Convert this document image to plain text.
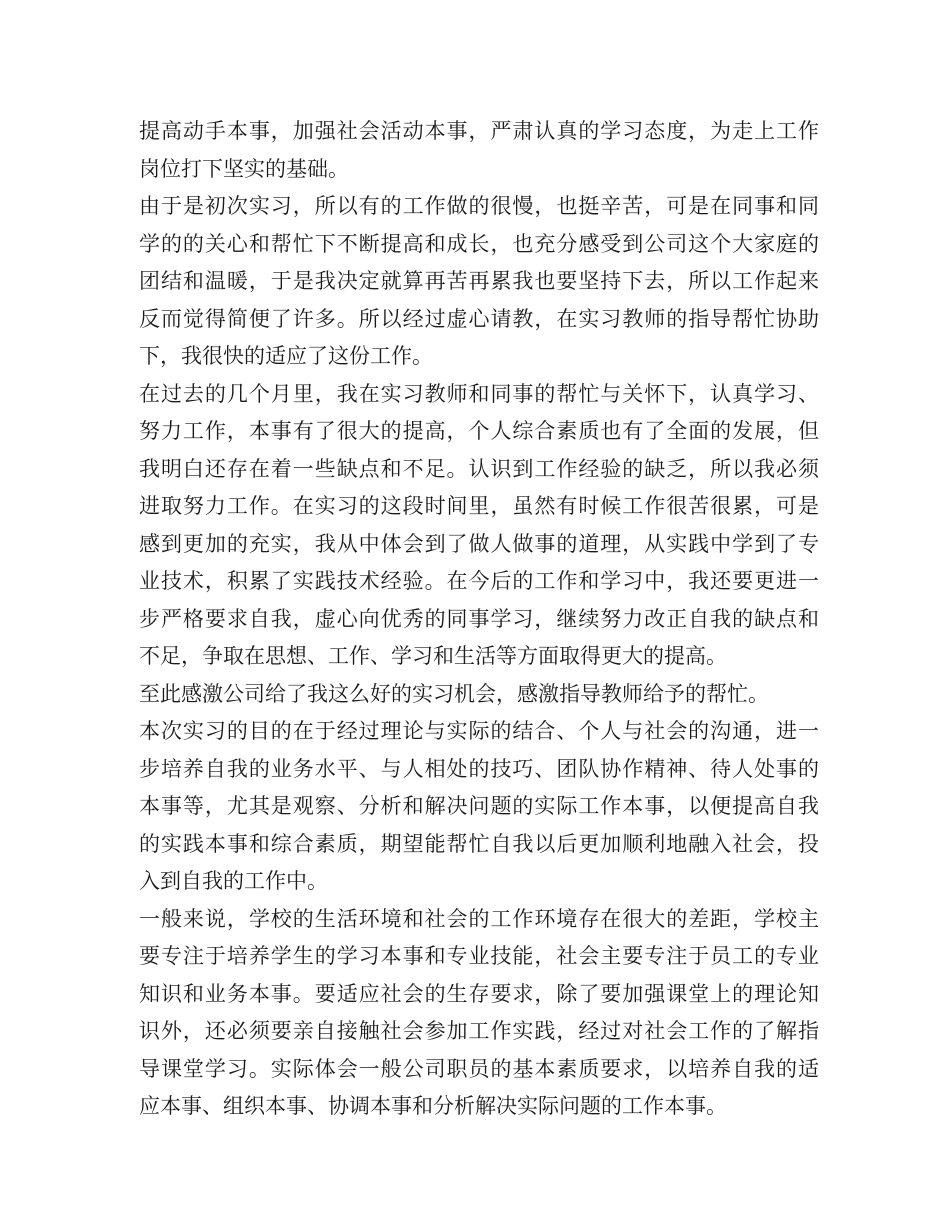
提高动手本事，加强社会活动本事，严肃认真的学习态度，为走上工作
岗位打下坚实的基础。
由于是初次实习，所以有的工作做的很慢，也挺辛苦，可是在同事和同
学的的关心和帮忙下不断提高和成长，也充分感受到公司这个大家庭的
团结和温暖，于是我决定就算再苦再累我也要坚持下去，所以工作起来
反而觉得简便了许多。所以经过虚心请教，在实习教师的指导帮忙协助
下，我很快的适应了这份工作。
在过去的几个月里，我在实习教师和同事的帮忙与关怀下，认真学习、
努力工作，本事有了很大的提高，个人综合素质也有了全面的发展，但
我明白还存在着一些缺点和不足。认识到工作经验的缺乏，所以我必须
进取努力工作。在实习的这段时间里，虽然有时候工作很苦很累，可是
感到更加的充实，我从中体会到了做人做事的道理，从实践中学到了专
业技术，积累了实践技术经验。在今后的工作和学习中，我还要更进一
步严格要求自我，虚心向优秀的同事学习，继续努力改正自我的缺点和
不足，争取在思想、工作、学习和生活等方面取得更大的提高。
至此感激公司给了我这么好的实习机会，感激指导教师给予的帮忙。
本次实习的目的在于经过理论与实际的结合、个人与社会的沟通，进一
步培养自我的业务水平、与人相处的技巧、团队协作精神、待人处事的
本事等，尤其是观察、分析和解决问题的实际工作本事，以便提高自我
的实践本事和综合素质，期望能帮忙自我以后更加顺利地融入社会，投
入到自我的工作中。
一般来说，学校的生活环境和社会的工作环境存在很大的差距，学校主
要专注于培养学生的学习本事和专业技能，社会主要专注于员工的专业
知识和业务本事。要适应社会的生存要求，除了要加强课堂上的理论知
识外，还必须要亲自接触社会参加工作实践，经过对社会工作的了解指
导课堂学习。实际体会一般公司职员的基本素质要求，以培养自我的适
应本事、组织本事、协调本事和分析解决实际问题的工作本事。
